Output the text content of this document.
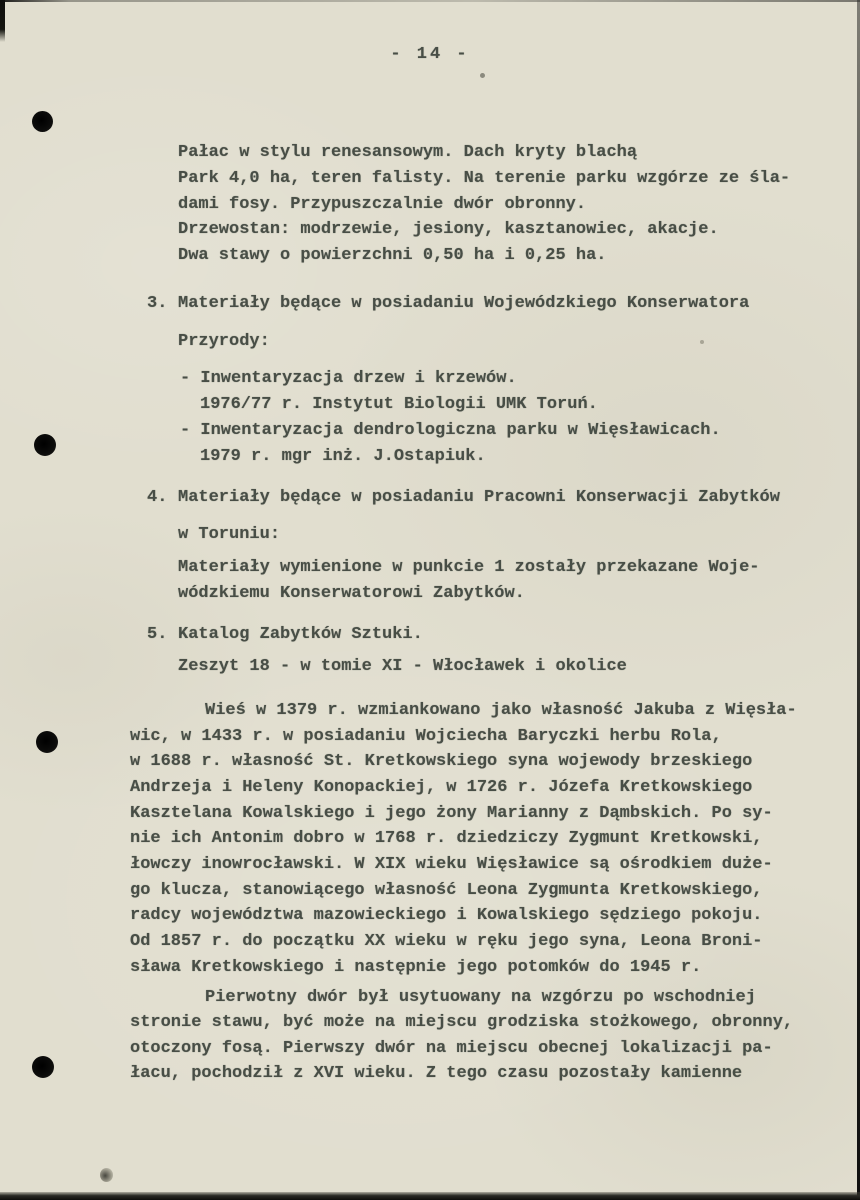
- 14 -
Pałac w stylu renesansowym. Dach kryty blachą
Park 4,0 ha, teren falisty. Na terenie parku wzgórze ze śla-
dami fosy. Przypuszczalnie dwór obronny.
Drzewostan: modrzewie, jesiony, kasztanowiec, akacje.
Dwa stawy o powierzchni 0,50 ha i 0,25 ha.
3. Materiały będące w posiadaniu Wojewódzkiego Konserwatora
Przyrody:
- Inwentaryzacja drzew i krzewów.
1976/77 r. Instytut Biologii UMK Toruń.
- Inwentaryzacja dendrologiczna parku w Więsławicach.
1979 r. mgr inż. J.Ostapiuk.
4. Materiały będące w posiadaniu Pracowni Konserwacji Zabytków
w Toruniu:
Materiały wymienione w punkcie 1 zostały przekazane Woje-
wódzkiemu Konserwatorowi Zabytków.
5. Katalog Zabytków Sztuki.
Zeszyt 18 - w tomie XI - Włocławek i okolice
Wieś w 1379 r. wzmiankowano jako własność Jakuba z Więsła-
wic, w 1433 r. w posiadaniu Wojciecha Baryczki herbu Rola,
w 1688 r. własność St. Kretkowskiego syna wojewody brzeskiego
Andrzeja i Heleny Konopackiej, w 1726 r. Józefa Kretkowskiego
Kasztelana Kowalskiego i jego żony Marianny z Dąmbskich. Po sy-
nie ich Antonim dobro w 1768 r. dziedziczy Zygmunt Kretkowski,
łowczy inowrocławski. W XIX wieku Więsławice są ośrodkiem duże-
go klucza, stanowiącego własność Leona Zygmunta Kretkowskiego,
radcy województwa mazowieckiego i Kowalskiego sędziego pokoju.
Od 1857 r. do początku XX wieku w ręku jego syna, Leona Broni-
sława Kretkowskiego i następnie jego potomków do 1945 r.
Pierwotny dwór był usytuowany na wzgórzu po wschodniej
stronie stawu, być może na miejscu grodziska stożkowego, obronny,
otoczony fosą. Pierwszy dwór na miejscu obecnej lokalizacji pa-
łacu, pochodził z XVI wieku. Z tego czasu pozostały kamienne
